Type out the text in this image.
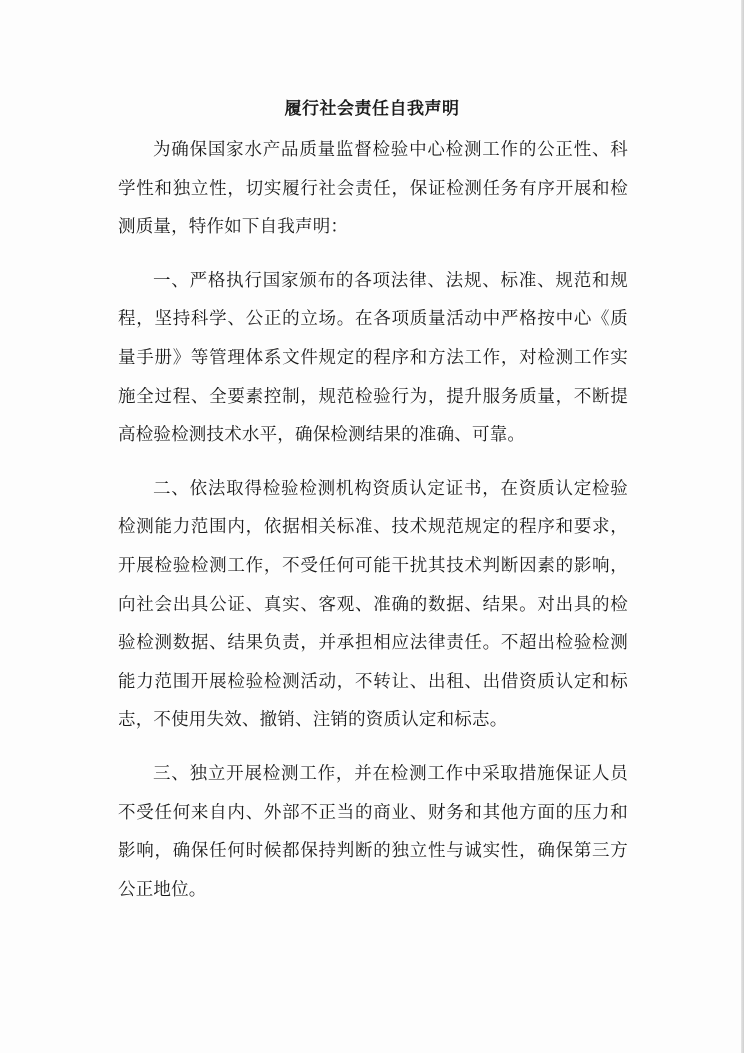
履行社会责任自我声明

为确保国家水产品质量监督检验中心检测工作的公正性、科学性和独立性，切实履行社会责任，保证检测任务有序开展和检测质量，特作如下自我声明：

一、严格执行国家颁布的各项法律、法规、标准、规范和规程，坚持科学、公正的立场。在各项质量活动中严格按中心《质量手册》等管理体系文件规定的程序和方法工作，对检测工作实施全过程、全要素控制，规范检验行为，提升服务质量，不断提高检验检测技术水平，确保检测结果的准确、可靠。

二、依法取得检验检测机构资质认定证书，在资质认定检验检测能力范围内，依据相关标准、技术规范规定的程序和要求，开展检验检测工作，不受任何可能干扰其技术判断因素的影响，向社会出具公证、真实、客观、准确的数据、结果。对出具的检验检测数据、结果负责，并承担相应法律责任。不超出检验检测能力范围开展检验检测活动，不转让、出租、出借资质认定和标志，不使用失效、撤销、注销的资质认定和标志。

三、独立开展检测工作，并在检测工作中采取措施保证人员不受任何来自内、外部不正当的商业、财务和其他方面的压力和影响，确保任何时候都保持判断的独立性与诚实性，确保第三方公正地位。
